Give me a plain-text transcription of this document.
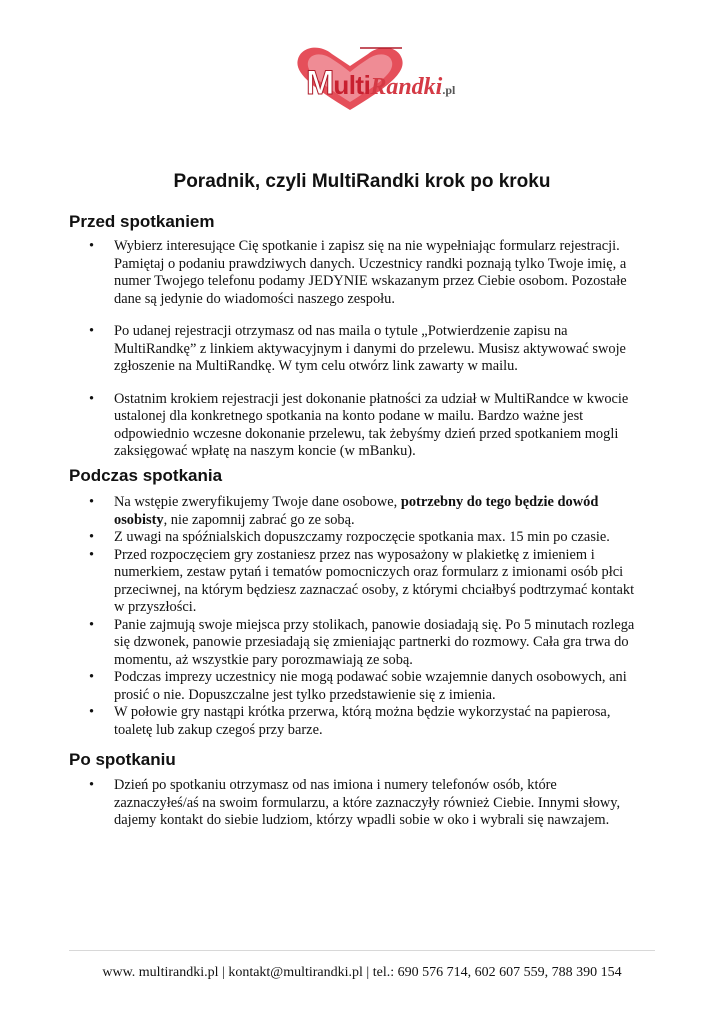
MultiRandki.pl
Poradnik, czyli MultiRandki krok po kroku
Przed spotkaniem
• Wybierz interesujące Cię spotkanie i zapisz się na nie wypełniając formularz rejestracji. Pamiętaj o podaniu prawdziwych danych. Uczestnicy randki poznają tylko Twoje imię, a numer Twojego telefonu podamy JEDYNIE wskazanym przez Ciebie osobom. Pozostałe dane są jedynie do wiadomości naszego zespołu.
• Po udanej rejestracji otrzymasz od nas maila o tytule „Potwierdzenie zapisu na MultiRandkę” z linkiem aktywacyjnym i danymi do przelewu. Musisz aktywować swoje zgłoszenie na MultiRandkę. W tym celu otwórz link zawarty w mailu.
• Ostatnim krokiem rejestracji jest dokonanie płatności za udział w MultiRandce w kwocie ustalonej dla konkretnego spotkania na konto podane w mailu. Bardzo ważne jest odpowiednio wczesne dokonanie przelewu, tak żebyśmy dzień przed spotkaniem mogli zaksięgować wpłatę na naszym koncie (w mBanku).
Podczas spotkania
• Na wstępie zweryfikujemy Twoje dane osobowe, potrzebny do tego będzie dowód osobisty, nie zapomnij zabrać go ze sobą.
• Z uwagi na spóźnialskich dopuszczamy rozpoczęcie spotkania max. 15 min po czasie.
• Przed rozpoczęciem gry zostaniesz przez nas wyposażony w plakietkę z imieniem i numerkiem, zestaw pytań i tematów pomocniczych oraz formularz z imionami osób płci przeciwnej, na którym będziesz zaznaczać osoby, z którymi chciałbyś podtrzymać kontakt w przyszłości.
• Panie zajmują swoje miejsca przy stolikach, panowie dosiadają się. Po 5 minutach rozlega się dzwonek, panowie przesiadają się zmieniając partnerki do rozmowy. Cała gra trwa do momentu, aż wszystkie pary porozmawiają ze sobą.
• Podczas imprezy uczestnicy nie mogą podawać sobie wzajemnie danych osobowych, ani prosić o nie. Dopuszczalne jest tylko przedstawienie się z imienia.
• W połowie gry nastąpi krótka przerwa, którą można będzie wykorzystać na papierosa, toaletę lub zakup czegoś przy barze.
Po spotkaniu
• Dzień po spotkaniu otrzymasz od nas imiona i numery telefonów osób, które zaznaczyłeś/aś na swoim formularzu, a które zaznaczyły również Ciebie. Innymi słowy, dajemy kontakt do siebie ludziom, którzy wpadli sobie w oko i wybrali się nawzajem.
www. multirandki.pl | kontakt@multirandki.pl | tel.: 690 576 714, 602 607 559, 788 390 154
